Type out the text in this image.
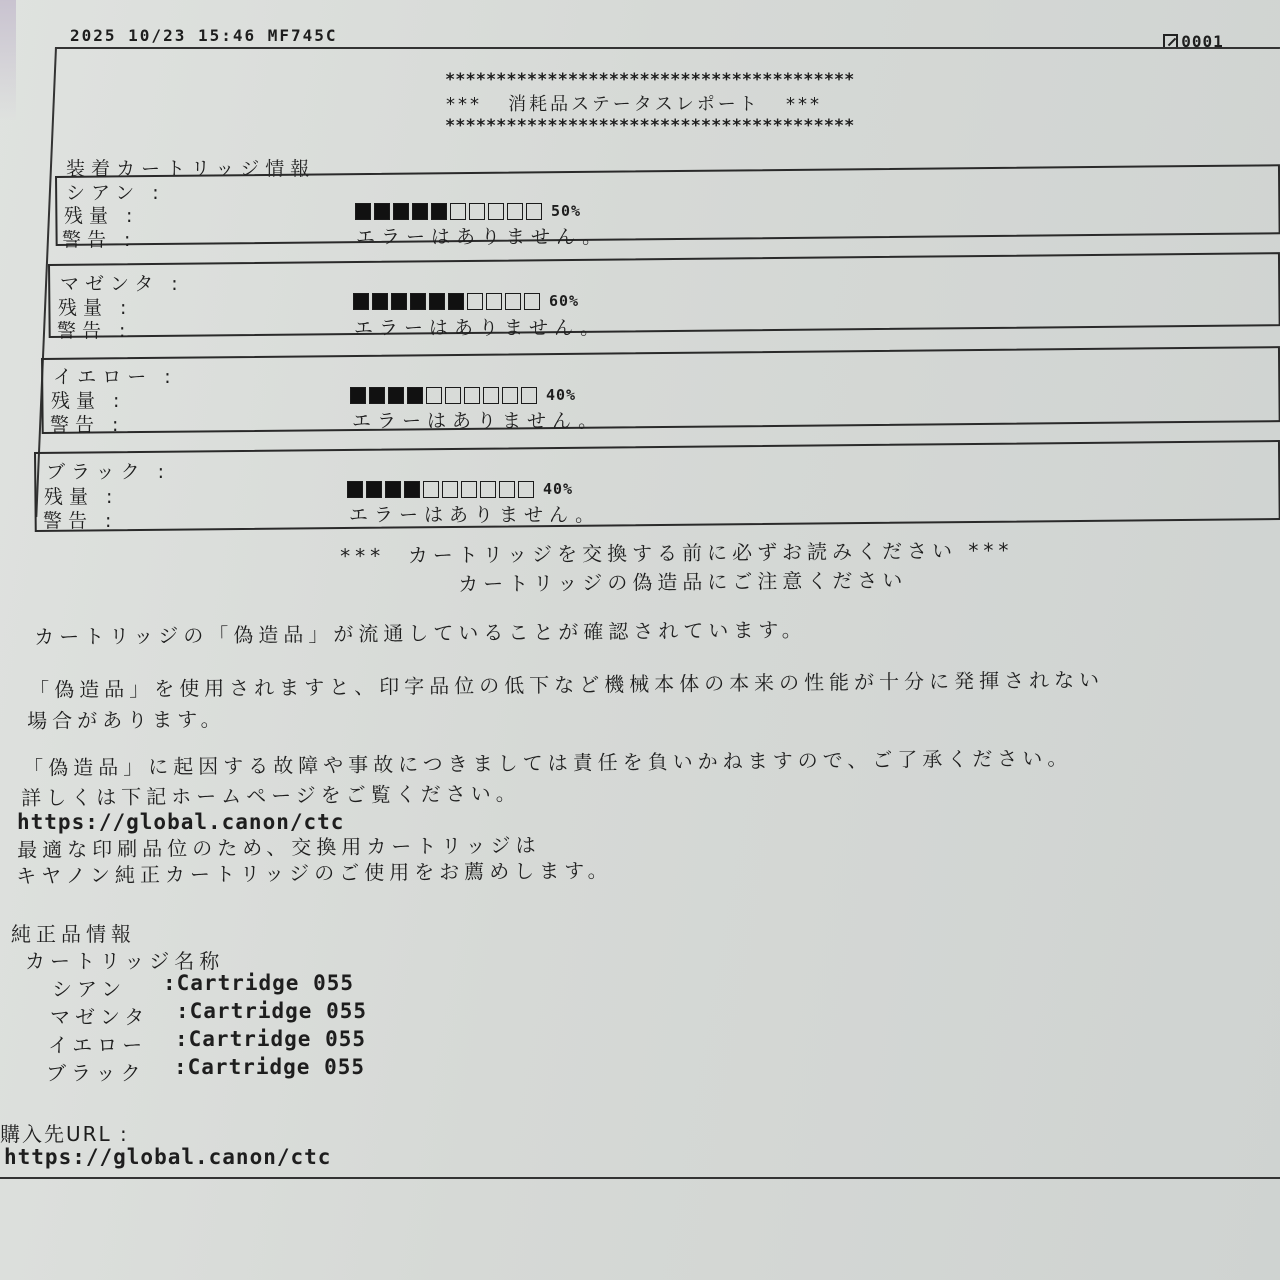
2025 10/23 15:46 MF745C	0001

****************************************
***   消耗品ステータスレポート   ***
****************************************
装着カートリッジ情報
シアン :
残量 :
警告 :
50%
エラーはありません。
マゼンタ :
残量 :
警告 :
60%
エラーはありません。
イエロー :
残量 :
警告 :
40%
エラーはありません。
ブラック :
残量 :
警告 :
40%
エラーはありません。
***  カートリッジを交換する前に必ずお読みください ***
カートリッジの偽造品にご注意ください
カートリッジの「偽造品」が流通していることが確認されています。
「偽造品」を使用されますと、印字品位の低下など機械本体の本来の性能が十分に発揮されない
場合があります。
「偽造品」に起因する故障や事故につきましては責任を負いかねますので、ご了承ください。
詳しくは下記ホームページをご覧ください。
https://global.canon/ctc
最適な印刷品位のため、交換用カートリッジは
キヤノン純正カートリッジのご使用をお薦めします。
純正品情報
カートリッジ名称
シアン :Cartridge 055
マゼンタ :Cartridge 055
イエロー :Cartridge 055
ブラック :Cartridge 055
購入先URL :
https://global.canon/ctc
